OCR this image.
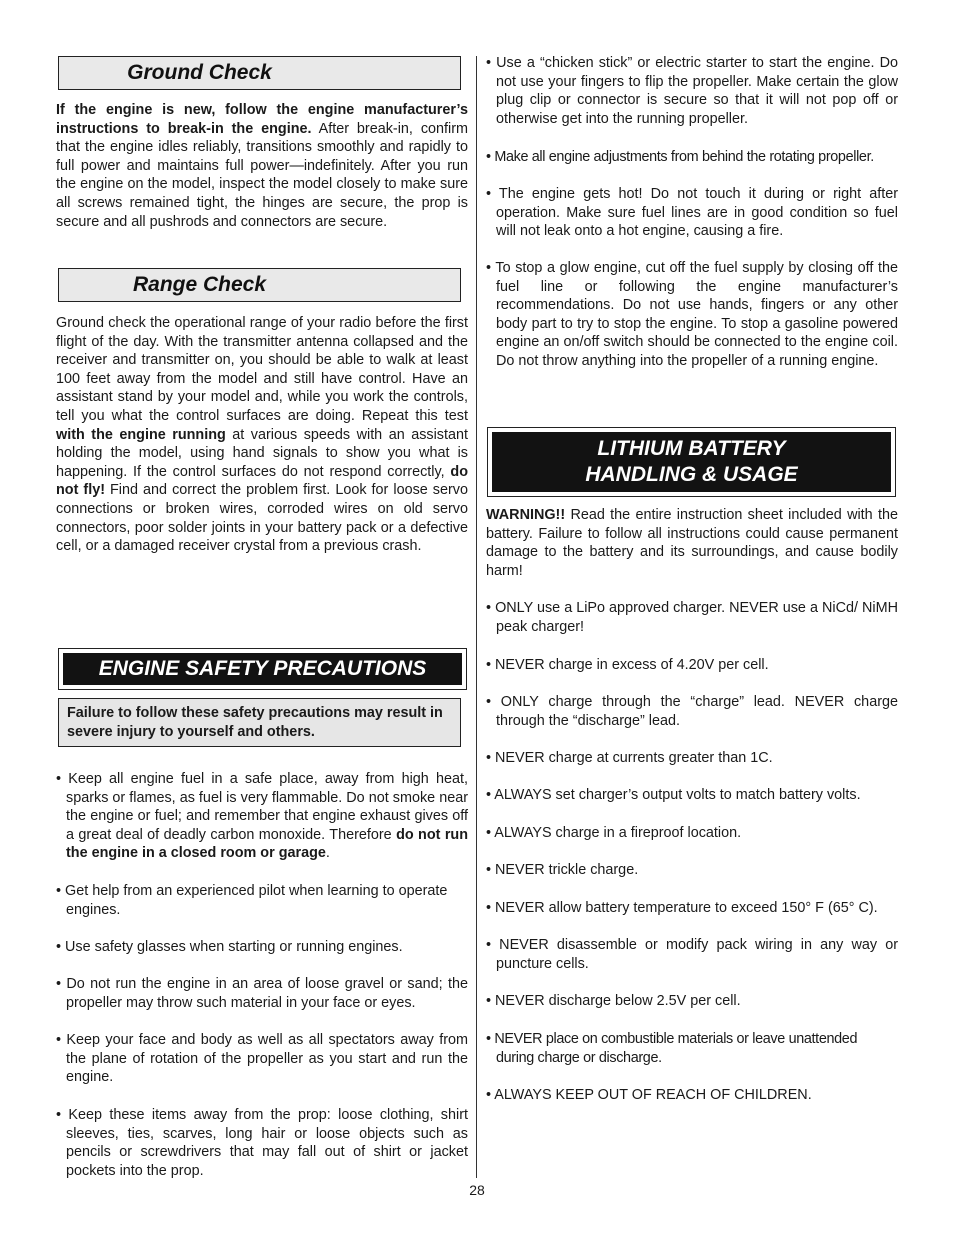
Ground Check

If the engine is new, follow the engine manufacturer’s instructions to break-in the engine. After break-in, confirm that the engine idles reliably, transitions smoothly and rapidly to full power and maintains full power—indefinitely. After you run the engine on the model, inspect the model closely to make sure all screws remained tight, the hinges are secure, the prop is secure and all pushrods and connectors are secure.

Range Check

Ground check the operational range of your radio before the first flight of the day. With the transmitter antenna collapsed and the receiver and transmitter on, you should be able to walk at least 100 feet away from the model and still have control. Have an assistant stand by your model and, while you work the controls, tell you what the control surfaces are doing. Repeat this test with the engine running at various speeds with an assistant holding the model, using hand signals to show you what is happening. If the control surfaces do not respond correctly, do not fly! Find and correct the problem first. Look for loose servo connections or broken wires, corroded wires on old servo connectors, poor solder joints in your battery pack or a defective cell, or a damaged receiver crystal from a previous crash.

ENGINE SAFETY PRECAUTIONS
Failure to follow these safety precautions may result in severe injury to yourself and others.

• Keep all engine fuel in a safe place, away from high heat, sparks or flames, as fuel is very flammable. Do not smoke near the engine or fuel; and remember that engine exhaust gives off a great deal of deadly carbon monoxide. Therefore do not run the engine in a closed room or garage.

• Get help from an experienced pilot when learning to operate engines.

• Use safety glasses when starting or running engines.

• Do not run the engine in an area of loose gravel or sand; the propeller may throw such material in your face or eyes.

• Keep your face and body as well as all spectators away from the plane of rotation of the propeller as you start and run the engine.

• Keep these items away from the prop: loose clothing, shirt sleeves, ties, scarves, long hair or loose objects such as pencils or screwdrivers that may fall out of shirt or jacket pockets into the prop.

• Use a “chicken stick” or electric starter to start the engine. Do not use your fingers to flip the propeller. Make certain the glow plug clip or connector is secure so that it will not pop off or otherwise get into the running propeller.

• Make all engine adjustments from behind the rotating propeller.

• The engine gets hot! Do not touch it during or right after operation. Make sure fuel lines are in good condition so fuel will not leak onto a hot engine, causing a fire.

• To stop a glow engine, cut off the fuel supply by closing off the fuel line or following the engine manufacturer’s recommendations. Do not use hands, fingers or any other body part to try to stop the engine. To stop a gasoline powered engine an on/off switch should be connected to the engine coil. Do not throw anything into the propeller of a running engine.

LITHIUM BATTERY
HANDLING & USAGE

WARNING!! Read the entire instruction sheet included with the battery. Failure to follow all instructions could cause permanent damage to the battery and its surroundings, and cause bodily harm!

• ONLY use a LiPo approved charger. NEVER use a NiCd/ NiMH peak charger!

• NEVER charge in excess of 4.20V per cell.

• ONLY charge through the “charge” lead. NEVER charge through the “discharge” lead.

• NEVER charge at currents greater than 1C.

• ALWAYS set charger’s output volts to match battery volts.

• ALWAYS charge in a fireproof location.

• NEVER trickle charge.

• NEVER allow battery temperature to exceed 150° F (65° C).

• NEVER disassemble or modify pack wiring in any way or puncture cells.

• NEVER discharge below 2.5V per cell.

• NEVER place on combustible materials or leave unattended during charge or discharge.

• ALWAYS KEEP OUT OF REACH OF CHILDREN.

28
